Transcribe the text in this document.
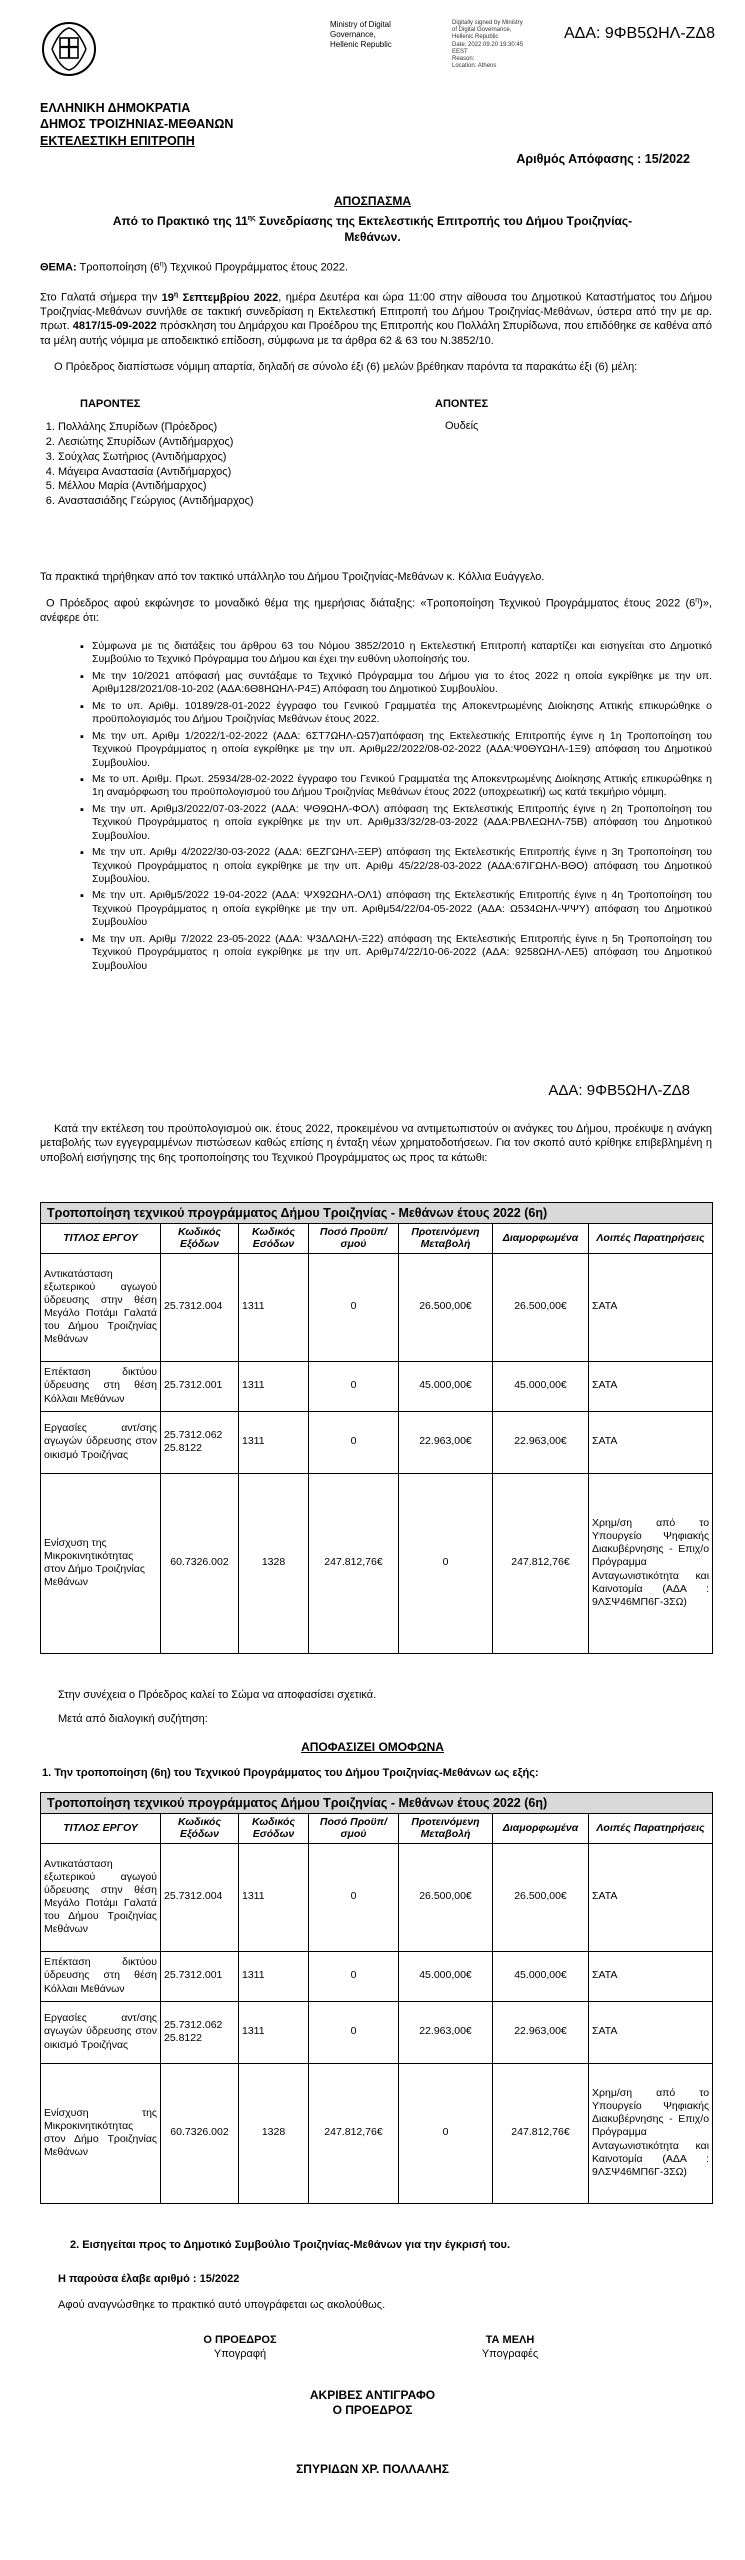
Ministry of Digital
Governance,
Hellenic Republic
Digitally signed by Ministry
of Digital Governance,
Hellenic Republic
Date: 2022.09.20 19:30:45
EEST
Reason:
Location: Athens
ΑΔΑ: 9ΦΒ5ΩΗΛ-ΖΔ8
ΕΛΛΗΝΙΚΗ ΔΗΜΟΚΡΑΤΙΑ
ΔΗΜΟΣ ΤΡΟΙΖΗΝΙΑΣ-ΜΕΘΑΝΩΝ
ΕΚΤΕΛΕΣΤΙΚΗ ΕΠΙΤΡΟΠΗ
Αριθμός Απόφασης : 15/2022
ΑΠΟΣΠΑΣΜΑ
Από το Πρακτικό της $11^{\eta\varsigma}$ Συνεδρίασης της Εκτελεστικής Επιτροπής του Δήμου Τροιζηνίας-
Μεθάνων.
ΘΕΜΑ: Τροποποίηση $(6^\eta)$ Τεχνικού Προγράμματος έτους 2022.
Στο Γαλατά σήμερα την $19^\eta$ Σεπτεμβρίου 2022, ημέρα Δευτέρα και ώρα 11:00 στην αίθουσα του Δημοτικού Καταστήματος του Δήμου Τροιζηνίας-Μεθάνων συνήλθε σε τακτική συνεδρίαση η Εκτελεστική Επιτροπή του Δήμου Τροιζηνίας-Μεθάνων, ύστερα από την με αρ. πρωτ. 4817/15-09-2022 πρόσκληση του Δημάρχου και Προέδρου της Επιτροπής κου Πολλάλη Σπυρίδωνα, που επιδόθηκε σε καθένα από τα μέλη αυτής νόμιμα με αποδεικτικό επίδοση, σύμφωνα με τα άρθρα 62 & 63 του Ν.3852/10.
Ο Πρόεδρος διαπίστωσε νόμιμη απαρτία, δηλαδή σε σύνολο έξι (6) μελών βρέθηκαν παρόντα τα παρακάτω έξι (6) μέλη:
ΠΑΡΟΝΤΕΣ	ΑΠΟΝΤΕΣ
Ουδείς
1. Πολλάλης Σπυρίδων (Πρόεδρος)
2. Λεσιώτης Σπυρίδων (Αντιδήμαρχος)
3. Σούχλας Σωτήριος (Αντιδήμαρχος)
4. Μάγειρα Αναστασία (Αντιδήμαρχος)
5. Μέλλου Μαρία (Αντιδήμαρχος)
6. Αναστασιάδης Γεώργιος (Αντιδήμαρχος)
Τα πρακτικά τηρήθηκαν από τον τακτικό υπάλληλο του Δήμου Τροιζηνίας-Μεθάνων κ. Κόλλια Ευάγγελο.
Ο Πρόεδρος αφού εκφώνησε το μοναδικό θέμα της ημερήσιας διάταξης: «Τροποποίηση Τεχνικού Προγράμματος έτους 2022 $(6^\eta)$», ανέφερε ότι:
▪ Σύμφωνα με τις διατάξεις του άρθρου 63 του Νόμου 3852/2010 η Εκτελεστική Επιτροπή καταρτίζει και εισηγείται στο Δημοτικό Συμβούλιο το Τεχνικό Πρόγραμμα του Δήμου και έχει την ευθύνη υλοποίησής του.
▪ Με την 10/2021 απόφασή μας συντάξαμε το Τεχνικό Πρόγραμμα του Δήμου για το έτος 2022 η οποία εγκρίθηκε με την υπ. Αριθμ128/2021/08-10-202 (ΑΔΑ:6Θ8ΗΩΗΛ-Ρ4Ξ) Απόφαση του Δημοτικού Συμβουλίου.
▪ Με το υπ. Αριθμ. 10189/28-01-2022 έγγραφο του Γενικού Γραμματέα της Αποκεντρωμένης Διοίκησης Αττικής επικυρώθηκε ο προϋπολογισμός του Δήμου Τροιζηνίας Μεθάνων έτους 2022.
▪ Με την υπ. Αριθμ 1/2022/1-02-2022 (ΑΔΑ: 6ΣΤ7ΩΗΛ-Ω57)απόφαση της Εκτελεστικής Επιτροπής έγινε η 1η Τροποποίηση του Τεχνικού Προγράμματος η οποία εγκρίθηκε με την υπ. Αριθμ22/2022/08-02-2022 (ΑΔΑ:Ψ0ΘΥΩΗΛ-1Ξ9) απόφαση του Δημοτικού Συμβουλίου.
▪ Με το υπ. Αριθμ. Πρωτ. 25934/28-02-2022 έγγραφο του Γενικού Γραμματέα της Αποκεντρωμένης Διοίκησης Αττικής επικυρώθηκε η 1η αναμόρφωση του προϋπολογισμού του Δήμου Τροιζηνίας Μεθάνων έτους 2022 (υποχρεωτική) ως κατά τεκμήριο νόμιμη.
▪ Με την υπ. Αριθμ3/2022/07-03-2022 (ΑΔΑ: ΨΘ9ΩΗΛ-ΦΟΛ) απόφαση της Εκτελεστικής Επιτροπής έγινε η 2η Τροποποίηση του Τεχνικού Προγράμματος η οποία εγκρίθηκε με την υπ. Αριθμ33/32/28-03-2022 (ΑΔΑ:ΡΒΛΕΩΗΛ-75Β) απόφαση του Δημοτικού Συμβουλίου.
▪ Με την υπ. Αριθμ 4/2022/30-03-2022 (ΑΔΑ: 6ΕΖΓΩΗΛ-ΞΕΡ) απόφαση της Εκτελεστικής Επιτροπής έγινε η 3η Τροποποίηση του Τεχνικού Προγράμματος η οποία εγκρίθηκε με την υπ. Αριθμ 45/22/28-03-2022 (ΑΔΑ:67ΙΓΩΗΛ-ΒΘΟ) απόφαση του Δημοτικού Συμβουλίου.
▪ Με την υπ. Αριθμ5/2022 19-04-2022 (ΑΔΑ: ΨΧ92ΩΗΛ-ΟΛ1) απόφαση της Εκτελεστικής Επιτροπής έγινε η 4η Τροποποίηση του Τεχνικού Προγράμματος η οποία εγκρίθηκε με την υπ. Αριθμ54/22/04-05-2022 (ΑΔΑ: Ω534ΩΗΛ-ΨΨΥ) απόφαση του Δημοτικού Συμβουλίου
▪ Με την υπ. Αριθμ 7/2022 23-05-2022 (ΑΔΑ: Ψ3ΔΛΩΗΛ-Ξ22) απόφαση της Εκτελεστικής Επιτροπής έγινε η 5η Τροποποίηση του Τεχνικού Προγράμματος η οποία εγκρίθηκε με την υπ. Αριθμ74/22/10-06-2022 (ΑΔΑ: 9258ΩΗΛ-ΛΕ5) απόφαση του Δημοτικού Συμβουλίου
ΑΔΑ: 9ΦΒ5ΩΗΛ-ΖΔ8
Κατά την εκτέλεση του προϋπολογισμού οικ. έτους 2022, προκειμένου να αντιμετωπιστούν οι ανάγκες του Δήμου, προέκυψε η ανάγκη μεταβολής των εγγεγραμμένων πιστώσεων καθώς επίσης η ένταξη νέων χρηματοδοτήσεων. Για τον σκοπό αυτό κρίθηκε επιβεβλημένη η υποβολή εισήγησης της 6ης τροποποίησης του Τεχνικού Προγράμματος ως προς τα κάτωθι:
Τροποποίηση τεχνικού προγράμματος Δήμου Τροιζηνίας - Μεθάνων έτους 2022 (6η)						
ΤΙΤΛΟΣ ΕΡΓΟΥ	Κωδικός Εξόδων	Κωδικός Εσόδων	Ποσό Προϋπ/σμού	Προτεινόμενη Μεταβολή	Διαμορφωμένα	Λοιπές Παρατηρήσεις
Αντικατάσταση εξωτερικού αγωγού ύδρευσης στην θέση Μεγάλο Ποτάμι Γαλατά του Δήμου Τροιζηνίας Μεθάνων	25.7312.004	1311	0	26.500,00€	26.500,00€	ΣΑΤΑ
Επέκταση δικτύου ύδρευσης στη θέση Κόλλαιι Μεθάνων	25.7312.001	1311	0	45.000,00€	45.000,00€	ΣΑΤΑ
Εργασίες αντ/σης αγωγών ύδρευσης στον οικισμό Τροιζήνας	25.7312.062 25.8122	1311	0	22.963,00€	22.963,00€	ΣΑΤΑ
Ενίσχυση της Μικροκινητικότητας στον Δήμο Τροιζηνίας Μεθάνων	60.7326.002	1328	247.812,76€	0	247.812,76€	Χρημ/ση από το Υπουργείο Ψηφιακής Διακυβέρνησης - Επιχ/ο Πρόγραμμα Ανταγωνιστικότητα και Καινοτομία (ΑΔΑ : 9ΛΣΨ46ΜΠ6Γ-3ΣΩ)
Στην συνέχεια ο Πρόεδρος καλεί το Σώμα να αποφασίσει σχετικά.
Μετά από διαλογική συζήτηση:
ΑΠΟΦΑΣΙΖΕΙ ΟΜΟΦΩΝΑ
1. Την τροποποίηση (6η) του Τεχνικού Προγράμματος του Δήμου Τροιζηνίας-Μεθάνων ως εξής:
Τροποποίηση τεχνικού προγράμματος Δήμου Τροιζηνίας - Μεθάνων έτους 2022 (6η)						
ΤΙΤΛΟΣ ΕΡΓΟΥ	Κωδικός Εξόδων	Κωδικός Εσόδων	Ποσό Προϋπ/σμού	Προτεινόμενη Μεταβολή	Διαμορφωμένα	Λοιπές Παρατηρήσεις
Αντικατάσταση εξωτερικού αγωγού ύδρευσης στην θέση Μεγάλο Ποτάμι Γαλατά του Δήμου Τροιζηνίας Μεθάνων	25.7312.004	1311	0	26.500,00€	26.500,00€	ΣΑΤΑ
Επέκταση δικτύου ύδρευσης στη θέση Κόλλαιι Μεθάνων	25.7312.001	1311	0	45.000,00€	45.000,00€	ΣΑΤΑ
Εργασίες αντ/σης αγωγών ύδρευσης στον οικισμό Τροιζήνας	25.7312.062 25.8122	1311	0	22.963,00€	22.963,00€	ΣΑΤΑ
Ενίσχυση της Μικροκινητικότητας στον Δήμο Τροιζηνίας Μεθάνων	60.7326.002	1328	247.812,76€	0	247.812,76€	Χρημ/ση από το Υπουργείο Ψηφιακής Διακυβέρνησης - Επιχ/ο Πρόγραμμα Ανταγωνιστικότητα και Καινοτομία (ΑΔΑ : 9ΛΣΨ46ΜΠ6Γ-3ΣΩ)
2. Εισηγείται προς το Δημοτικό Συμβούλιο Τροιζηνίας-Μεθάνων για την έγκρισή του.
Η παρούσα έλαβε αριθμό : 15/2022
Αφού αναγνώσθηκε το πρακτικό αυτό υπογράφεται ως ακολούθως.
Ο ΠΡΟΕΔΡΟΣ
Υπογραφή
ΤΑ ΜΕΛΗ
Υπογραφές
ΑΚΡΙΒΕΣ ΑΝΤΙΓΡΑΦΟ
Ο ΠΡΟΕΔΡΟΣ
ΣΠΥΡΙΔΩΝ ΧΡ. ΠΟΛΛΑΛΗΣ
